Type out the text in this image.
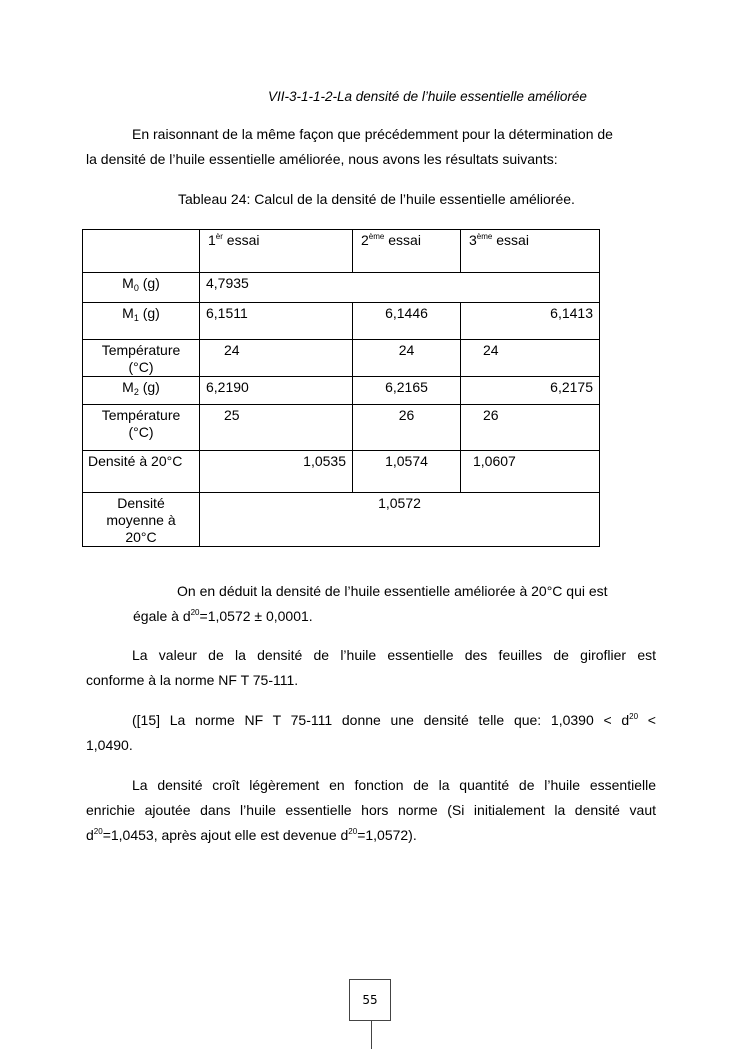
VII-3-1-1-2-La densité de l’huile essentielle améliorée
En raisonnant de la même façon que précédemment pour la détermination de
la densité de l’huile essentielle améliorée, nous avons les résultats suivants:
Tableau 24: Calcul de la densité de l’huile essentielle améliorée.
	$1^{èr}$ essai	2ème essai	3ème essai
$M_0$ (g)	4,7935		
$M_1$ (g)	6,1511	6,1446	6,1413
Température (°C)	24	24	24
$M_2$ (g)	6,2190	6,2165	6,2175
Température (°C)	25	26	26
Densité à 20°C	1,0535	1,0574	1,0607
Densité moyenne à 20°C	1,0572		
On en déduit la densité de l’huile essentielle améliorée à 20°C qui est
égale à $d^{20}=1,0572 \pm 0,0001$.
La valeur de la densité de l’huile essentielle des feuilles de giroflier est
conforme à la norme NF T 75-111.
([15] La norme NF T 75-111 donne une densité telle que: $1,0390 < d^{20}$ <
1,0490.
La densité croît légèrement en fonction de la quantité de l’huile essentielle
enrichie ajoutée dans l’huile essentielle hors norme (Si initialement la densité vaut
$d^{20}=1,0453$, après ajout elle est devenue $d^{20}=1,0572$).
55
